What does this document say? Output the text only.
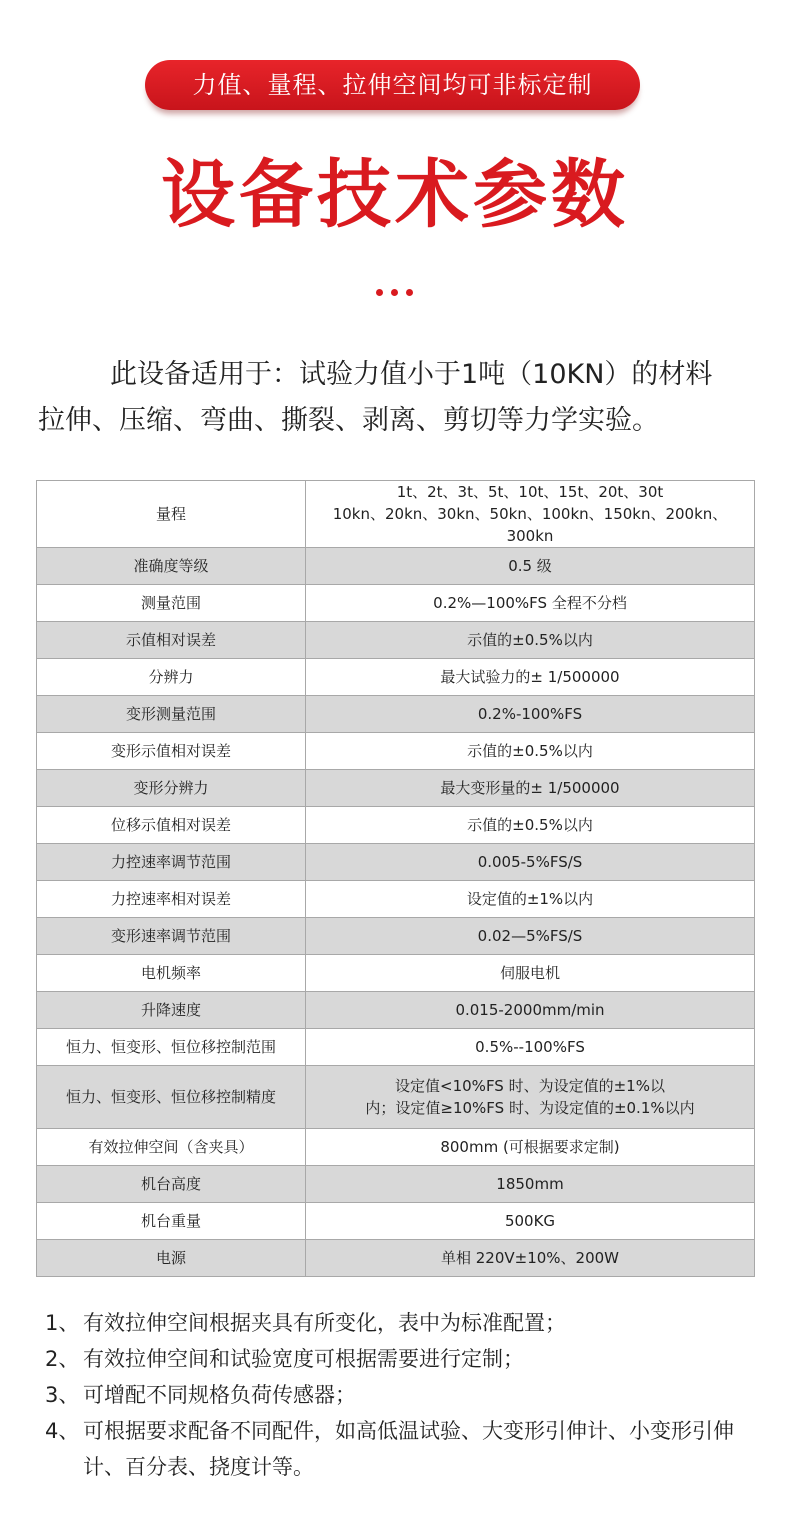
力值、量程、拉伸空间均可非标定制
设备技术参数

此设备适用于：试验力值小于1吨（10KN）的材料

拉伸、压缩、弯曲、撕裂、剥离、剪切等力学实验。

量程	1t、2t、3t、5t、10t、15t、20t、30t
10kn、20kn、30kn、50kn、100kn、150kn、200kn、300kn

准确度等级	0.5 级

测量范围	0.2%—100%FS 全程不分档

示值相对误差	示值的±0.5%以内

分辨力	最大试验力的± 1/500000

变形测量范围	0.2%-100%FS

变形示值相对误差	示值的±0.5%以内

变形分辨力	最大变形量的± 1/500000

位移示值相对误差	示值的±0.5%以内

力控速率调节范围	0.005-5%FS/S

力控速率相对误差	设定值的±1%以内

变形速率调节范围	0.02—5%FS/S

电机频率	伺服电机

升降速度	0.015-2000mm/min

恒力、恒变形、恒位移控制范围	0.5%--100%FS

恒力、恒变形、恒位移控制精度	设定值<10%FS 时、为设定值的±1%以
内；设定值≥10%FS 时、为设定值的±0.1%以内

有效拉伸空间（含夹具）	800mm (可根据要求定制)

机台高度	1850mm

机台重量	500KG

电源	单相 220V±10%、200W

1、 有效拉伸空间根据夹具有所变化，表中为标准配置；

2、 有效拉伸空间和试验宽度可根据需要进行定制；

3、 可增配不同规格负荷传感器；

4、 可根据要求配备不同配件，如高低温试验、大变形引伸计、小变形引伸计、百分表、挠度计等。
